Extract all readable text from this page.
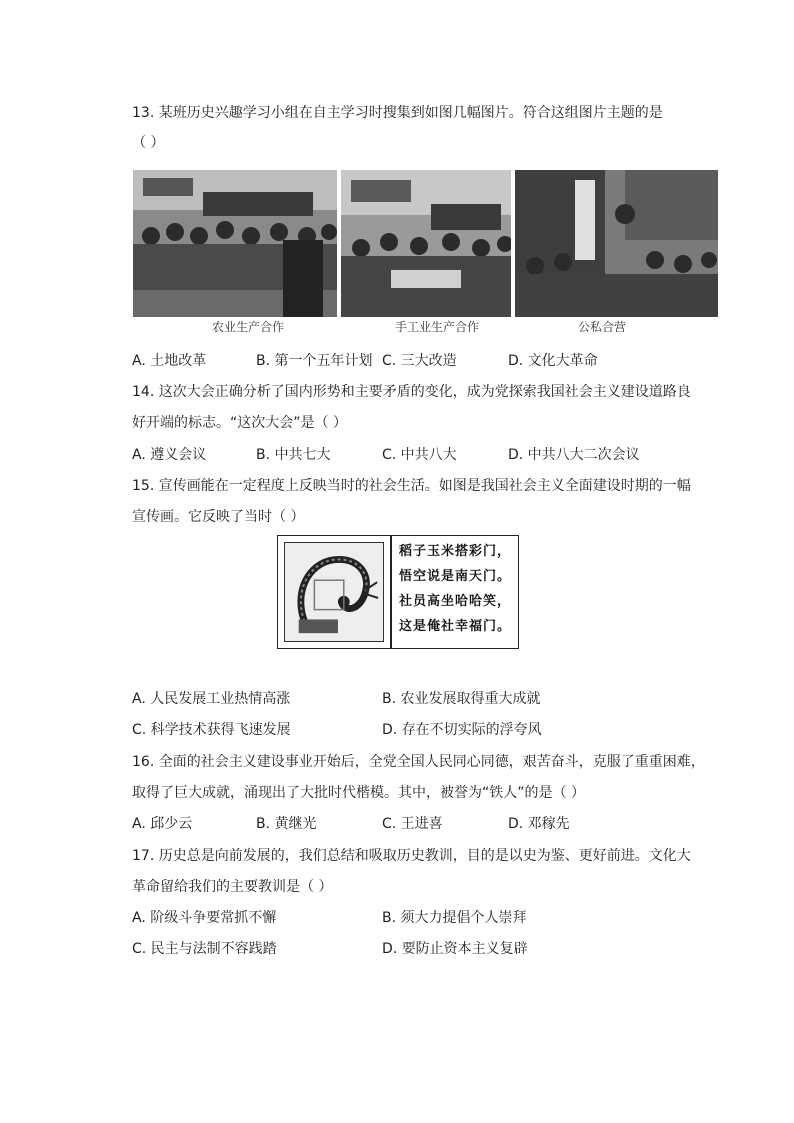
13. 某班历史兴趣学习小组在自主学习时搜集到如图几幅图片。符合这组图片主题的是
（ ）
农业生产合作	手工业生产合作	公私合营
A. 土地改革	B. 第一个五年计划 C. 三大改造	D. 文化大革命
14. 这次大会正确分析了国内形势和主要矛盾的变化，成为党探索我国社会主义建设道路良
好开端的标志。“这次大会”是（ ）
A. 遵义会议	B. 中共七大	C. 中共八大	D. 中共八大二次会议
15. 宣传画能在一定程度上反映当时的社会生活。如图是我国社会主义全面建设时期的一幅
宣传画。它反映了当时（ ）
稻子玉米搭彩门，
悟空说是南天门。
社员高坐哈哈笑，
这是俺社幸福门。
A. 人民发展工业热情高涨	B. 农业发展取得重大成就
C. 科学技术获得飞速发展	D. 存在不切实际的浮夸风
16. 全面的社会主义建设事业开始后，全党全国人民同心同德，艰苦奋斗，克服了重重困难，
取得了巨大成就，涌现出了大批时代楷模。其中，被誉为“铁人”的是（ ）
A. 邱少云	B. 黄继光	C. 王进喜	D. 邓稼先
17. 历史总是向前发展的，我们总结和吸取历史教训，目的是以史为鉴、更好前进。文化大
革命留给我们的主要教训是（ ）
A. 阶级斗争要常抓不懈	B. 须大力提倡个人崇拜
C. 民主与法制不容践踏	D. 要防止资本主义复辟
